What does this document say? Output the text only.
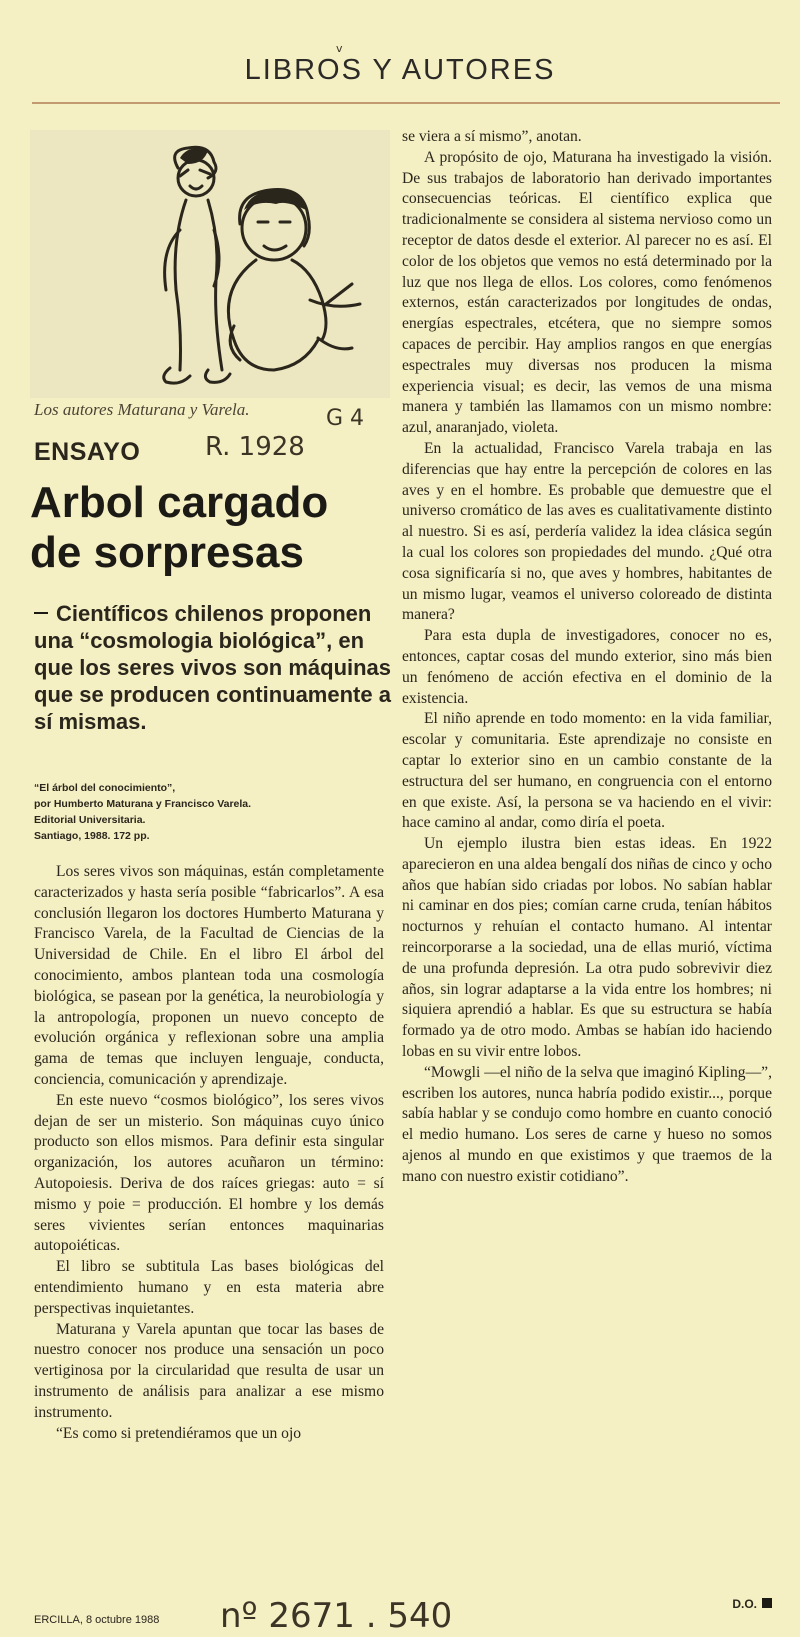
LIBROS Y AUTORES
v
Los autores Maturana y Varela.	G 4
ENSAYO R. 1928
Arbol cargado de sorpresas
Científicos chilenos proponen una “cosmologia biológica”, en que los seres vivos son máquinas que se producen continuamente a sí mismas.
“El árbol del conocimiento”,
por Humberto Maturana y Francisco Varela.
Editorial Universitaria.
Santiago, 1988. 172 pp.

Los seres vivos son máquinas, están completamente caracterizados y hasta sería posible “fabricarlos”. A esa conclusión llegaron los doctores Humberto Maturana y Francisco Varela, de la Facultad de Ciencias de la Universidad de Chile. En el libro El árbol del conocimiento, ambos plantean toda una cosmología biológica, se pasean por la genética, la neurobiología y la antropología, proponen un nuevo concepto de evolución orgánica y reflexionan sobre una amplia gama de temas que incluyen lenguaje, conducta, conciencia, comunicación y aprendizaje.

En este nuevo “cosmos biológico”, los seres vivos dejan de ser un misterio. Son máquinas cuyo único producto son ellos mismos. Para definir esta singular organización, los autores acuñaron un término: Autopoiesis. Deriva de dos raíces griegas: auto = sí mismo y poie = producción. El hombre y los demás seres vivientes serían entonces maquinarias autopoiéticas.

El libro se subtitula Las bases biológicas del entendimiento humano y en esta materia abre perspectivas inquietantes.

Maturana y Varela apuntan que tocar las bases de nuestro conocer nos produce una sensación un poco vertiginosa por la circularidad que resulta de usar un instrumento de análisis para analizar a ese mismo instrumento.

“Es como si pretendiéramos que un ojo

se viera a sí mismo”, anotan.

A propósito de ojo, Maturana ha investigado la visión. De sus trabajos de laboratorio han derivado importantes consecuencias teóricas. El científico explica que tradicionalmente se considera al sistema nervioso como un receptor de datos desde el exterior. Al parecer no es así. El color de los objetos que vemos no está determinado por la luz que nos llega de ellos. Los colores, como fenómenos externos, están caracterizados por longitudes de ondas, energías espectrales, etcétera, que no siempre somos capaces de percibir. Hay amplios rangos en que energías espectrales muy diversas nos producen la misma experiencia visual; es decir, las vemos de una misma manera y también las llamamos con un mismo nombre: azul, anaranjado, violeta.

En la actualidad, Francisco Varela trabaja en las diferencias que hay entre la percepción de colores en las aves y en el hombre. Es probable que demuestre que el universo cromático de las aves es cualitativamente distinto al nuestro. Si es así, perdería validez la idea clásica según la cual los colores son propiedades del mundo. ¿Qué otra cosa significaría si no, que aves y hombres, habitantes de un mismo lugar, veamos el universo coloreado de distinta manera?

Para esta dupla de investigadores, conocer no es, entonces, captar cosas del mundo exterior, sino más bien un fenómeno de acción efectiva en el dominio de la existencia.

El niño aprende en todo momento: en la vida familiar, escolar y comunitaria. Este aprendizaje no consiste en captar lo exterior sino en un cambio constante de la estructura del ser humano, en congruencia con el entorno en que existe. Así, la persona se va haciendo en el vivir: hace camino al andar, como diría el poeta.

Un ejemplo ilustra bien estas ideas. En 1922 aparecieron en una aldea bengalí dos niñas de cinco y ocho años que habían sido criadas por lobos. No sabían hablar ni caminar en dos pies; comían carne cruda, tenían hábitos nocturnos y rehuían el contacto humano. Al intentar reincorporarse a la sociedad, una de ellas murió, víctima de una profunda depresión. La otra pudo sobrevivir diez años, sin lograr adaptarse a la vida entre los hombres; ni siquiera aprendió a hablar. Es que su estructura se había formado ya de otro modo. Ambas se habían ido haciendo lobas en su vivir entre lobos.

“Mowgli —el niño de la selva que imaginó Kipling—”, escriben los autores, nunca habría podido existir..., porque sabía hablar y se condujo como hombre en cuanto conoció el medio humano. Los seres de carne y hueso no somos ajenos al mundo en que existimos y que traemos de la mano con nuestro existir cotidiano”.

D.O.
ERCILLA, 8 octubre 1988 nº 2671 . 540
